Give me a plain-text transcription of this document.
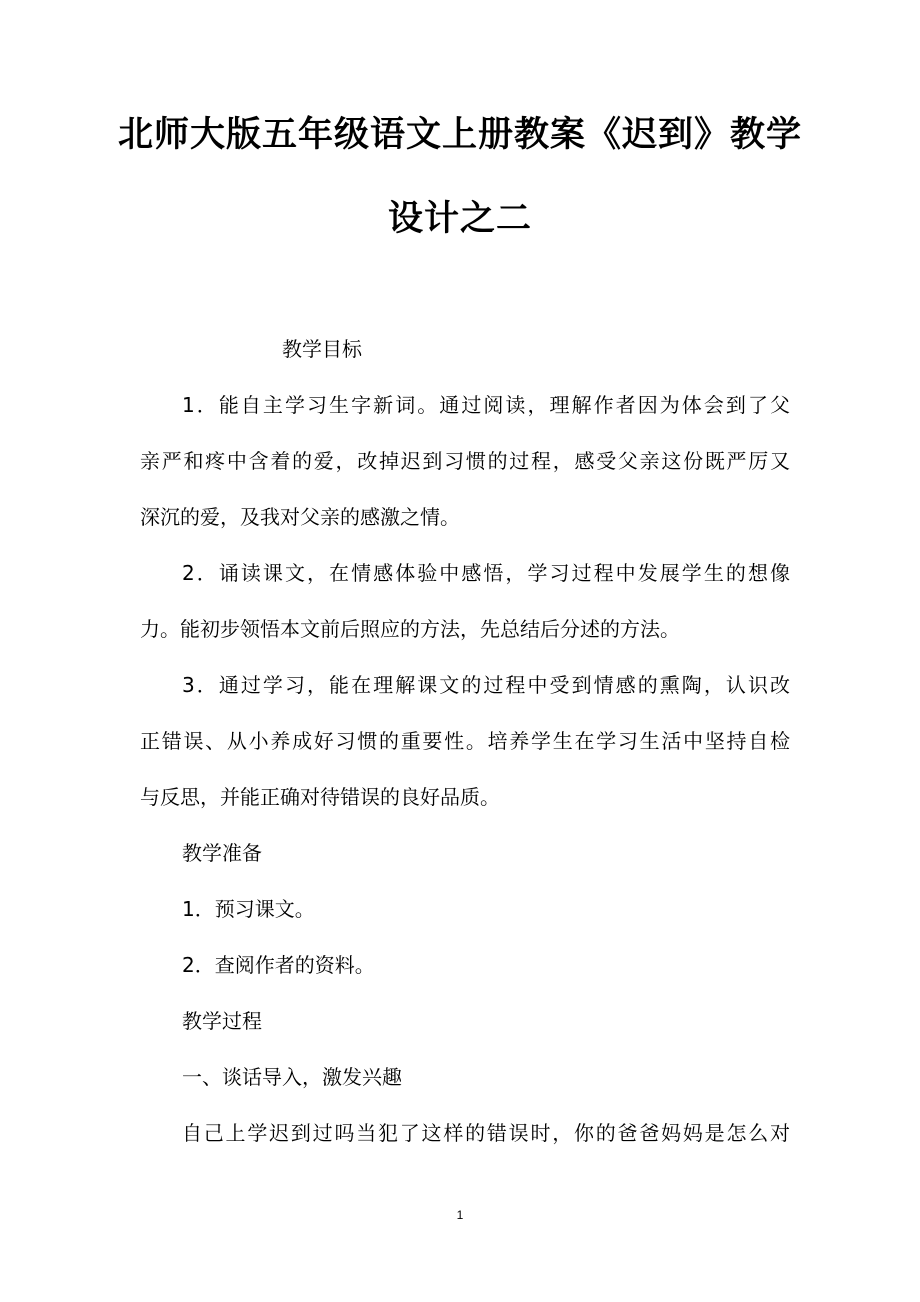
北师大版五年级语文上册教案《迟到》教学
设计之二
教学目标
1．能自主学习生字新词。通过阅读，理解作者因为体会到了父
亲严和疼中含着的爱，改掉迟到习惯的过程，感受父亲这份既严厉又
深沉的爱，及我对父亲的感激之情。
2．诵读课文，在情感体验中感悟，学习过程中发展学生的想像
力。能初步领悟本文前后照应的方法，先总结后分述的方法。
3．通过学习，能在理解课文的过程中受到情感的熏陶，认识改
正错误、从小养成好习惯的重要性。培养学生在学习生活中坚持自检
与反思，并能正确对待错误的良好品质。
教学准备
1．预习课文。
2．查阅作者的资料。
教学过程
一、谈话导入，激发兴趣
自己上学迟到过吗当犯了这样的错误时，你的爸爸妈妈是怎么对
1
